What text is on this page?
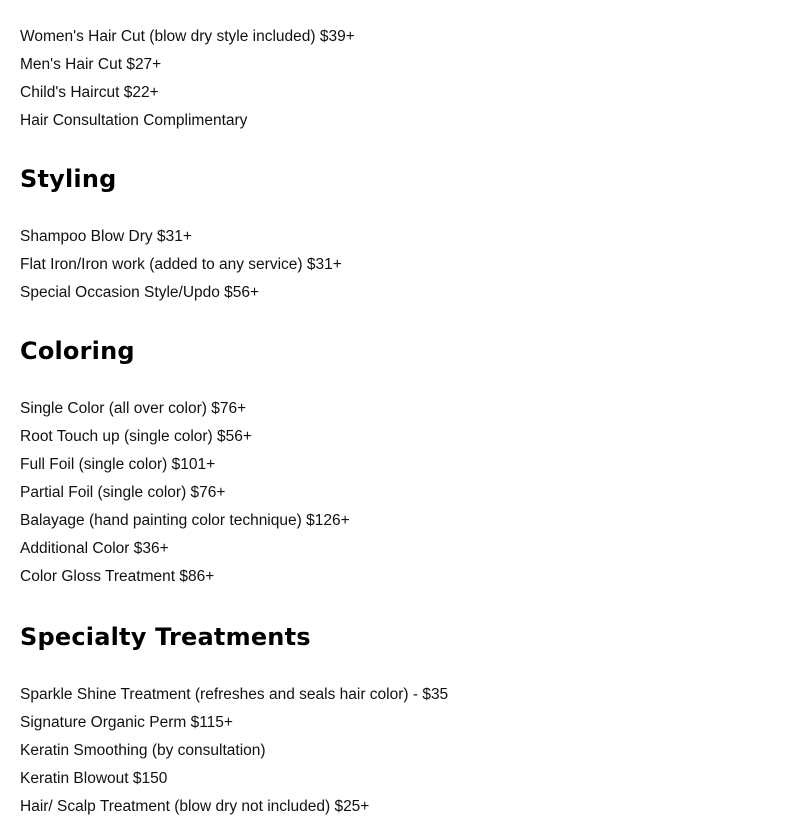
Women's Hair Cut (blow dry style included) $39+
Men's Hair Cut $27+
Child's Haircut $22+
Hair Consultation Complimentary
Styling
Shampoo Blow Dry $31+
Flat Iron/Iron work (added to any service) $31+
Special Occasion Style/Updo $56+
Coloring
Single Color (all over color) $76+
Root Touch up (single color) $56+
Full Foil (single color) $101+
Partial Foil (single color) $76+
Balayage (hand painting color technique) $126+
Additional Color $36+
Color Gloss Treatment $86+
Specialty Treatments
Sparkle Shine Treatment (refreshes and seals hair color) - $35
Signature Organic Perm $115+
Keratin Smoothing (by consultation)
Keratin Blowout $150
Hair/ Scalp Treatment (blow dry not included) $25+
